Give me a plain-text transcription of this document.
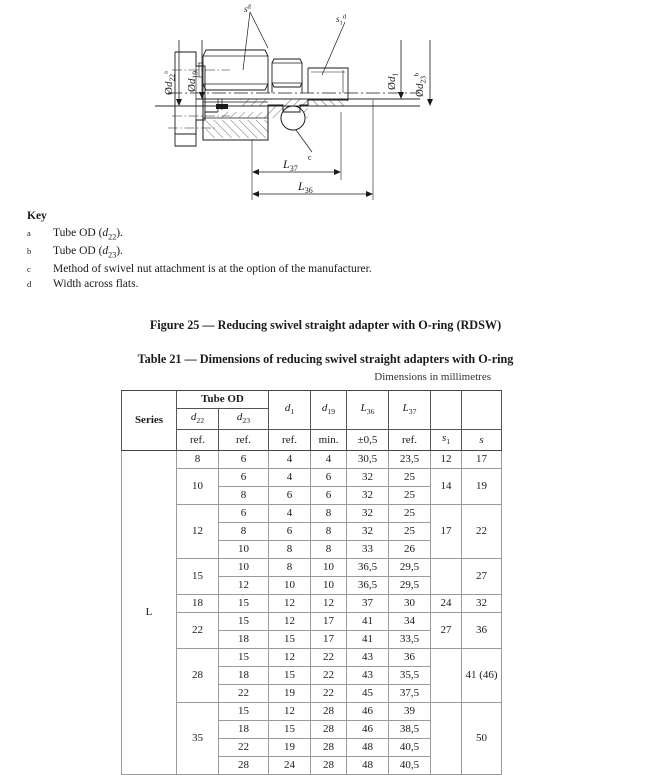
$s^d$
$s_1^d$
c
$Ød_{22}^a$
$Ød_{19}$
$Ød_1$
$Ød_{23}^b$
$L_{37}$
$L_{36}$
Key
a	Tube OD $(d_{22})$.
b	Tube OD $(d_{23})$.
c	Method of swivel nut attachment is at the option of the manufacturer.
d	Width across flats.
Figure 25 — Reducing swivel straight adapter with O-ring (RDSW)
Table 21 — Dimensions of reducing swivel straight adapters with O-ring
Dimensions in millimetres
Series	Tube OD		$d_1$	$d_{19}$	$L_{36}$	$L_{37}$		
	$d_{22}$	$d_{23}$
	ref.	ref.	ref.	min.	±0,5	ref.	$s_1$	s
L	8	6	4	4	30,5	23,5	12	17
	10	6	4	6	32	25	14	19
		8	6	6	32	25		
	12	6	4	8	32	25	17	22
		8	6	8	32	25		
		10	8	8	33	26		
	15	10	8	10	36,5	29,5		27
		12	10	10	36,5	29,5		
	18	15	12	12	37	30	24	32
	22	15	12	17	41	34	27	36
		18	15	17	41	33,5		
	28	15	12	22	43	36		41 (46)
		18	15	22	43	35,5		
		22	19	22	45	37,5		
	35	15	12	28	46	39		50
		18	15	28	46	38,5		
		22	19	28	48	40,5		
		28	24	28	48	40,5		
